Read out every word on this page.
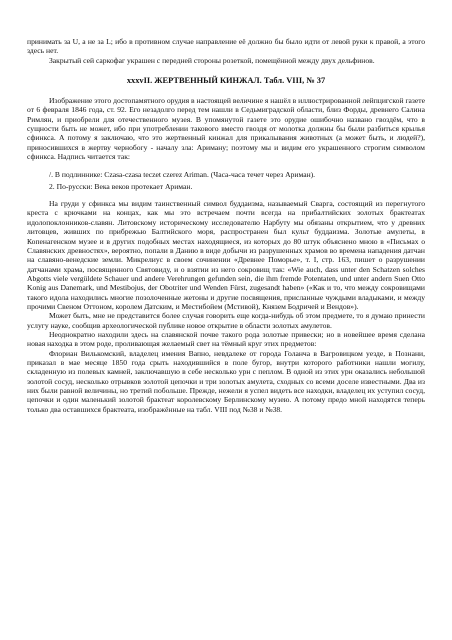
принимать за U, а не за L; ибо в противном случае направление её должно бы было идти от левой руки к правой, а этого здесь нет.

Закрытый сей саркофаг украшен с передней стороны розеткой, помещённой между двух дельфинов.

xxxvII. ЖЕРТВЕННЫЙ КИНЖАЛ. Табл. VIII, № 37

Изображение этого достопамятного орудия в настоящей величине я нашёл в иллюстрированной лейпцигской газете от 6 февраля 1846 года, ст. 92. Его незадолго перед тем нашли в Седьмиградской области, близ Форды, древнего Салина Римлян, и приобрели для отечественного музея. В упомянутой газете это орудие ошибочно названо гвоздём, что в сущности быть не может, ибо при употреблении такового вместо гвоздя от молотка должны бы были разбиться крылья сфинкса. А потому я заключаю, что это жертвенный кинжал для прикалывания животных (а может быть, и людей?), приносившихся в жертву чернобогу - началу зла: Ариману; поэтому мы и видим его украшенного строгим символом сфинкса. Надпись читается так:

/. В подлиннике: Czasa-czasa teczet czerez Ariman. (Часа-часа течет через Ариман).

2. По-русски: Века веков протекает Ариман.

На груди у сфинкса мы видим таинственный символ буддаизма, называемый Сварга, состоящий из перегнутого креста с крючками на концах, как мы это встречаем почти всегда на прибалтийских золотых брактеатах идолопоклонников-славян. Литовскому историческому исследователю Нарбуту мы обязаны открытием, что у древних литовцев, живших по прибрежью Балтийского моря, распространен был культ буддаизма. Золотые амулеты, в Копенагенском музее и в других подобных местах находящиеся, из которых до 80 штук объяснено мною в «Письмах о Славянских древностях», вероятно, попали в Данию в виде добычи из разрушенных храмов во времена нападения датчан на славяно-венедские земли. Микрелиус в своем сочинении «Древнее Поморье», т. I, стр. 163, пишет о разрушении датчанами храма, посвященного Святовиду, и о взятии из него сокровищ так: «Wie auch, dass unter den Schatzen solches Abgotts viele vergüldete Schauer und andere Verehrungen gefunden sein, die ihm fremde Potentaten, und unter andern Suen Otto Konig aus Danemark, und Mestibojus, der Obotriter und Wenden Fürst, zugesandt haben» («Как и то, что между сокровищами такого идола находились многие позолоченные жетоны и другие посвящения, присланные чуждыми владыками, и между прочими Свеном Оттоном, королем Датским, и Местибойем (Мстивой), Князем Бодричей и Вендов»).

Может быть, мне не представится более случая говорить еще когда-нибудь об этом предмете, то я думаю принести услугу науке, сообщив археологической публике новое открытие в области золотых амулетов.

Неоднократно находили здесь на славянской почве такого рода золотые привески; но в новейшее время сделана новая находка в этом роде, проливающая желаемый свет на тёмный круг этих предметов:

Флориан Вилькомский, владелец имения Вапно, невдалеке от города Голанча в Вагровицком уезде, в Познани, приказал в мае месяце 1850 года срыть находившийся в поле бугор, внутри которого работники нашли могилу, складенную из полевых камней, заключавшую в себе несколько урн с пеплом. В одной из этих урн оказались небольшой золотой сосуд, несколько отрывков золотой цепочки и три золотых амулета, сходных со всеми доселе известными. Два из них были равной величины, но третий побольше. Прежде, нежели я успел видеть все находки, владелец их уступил сосуд, цепочки и один маленький золотой брактеат королевскому Берлинскому музею. А потому предо мной находятся теперь только два оставшихся брактеата, изображённые на табл. VIII под №38 и №38.
